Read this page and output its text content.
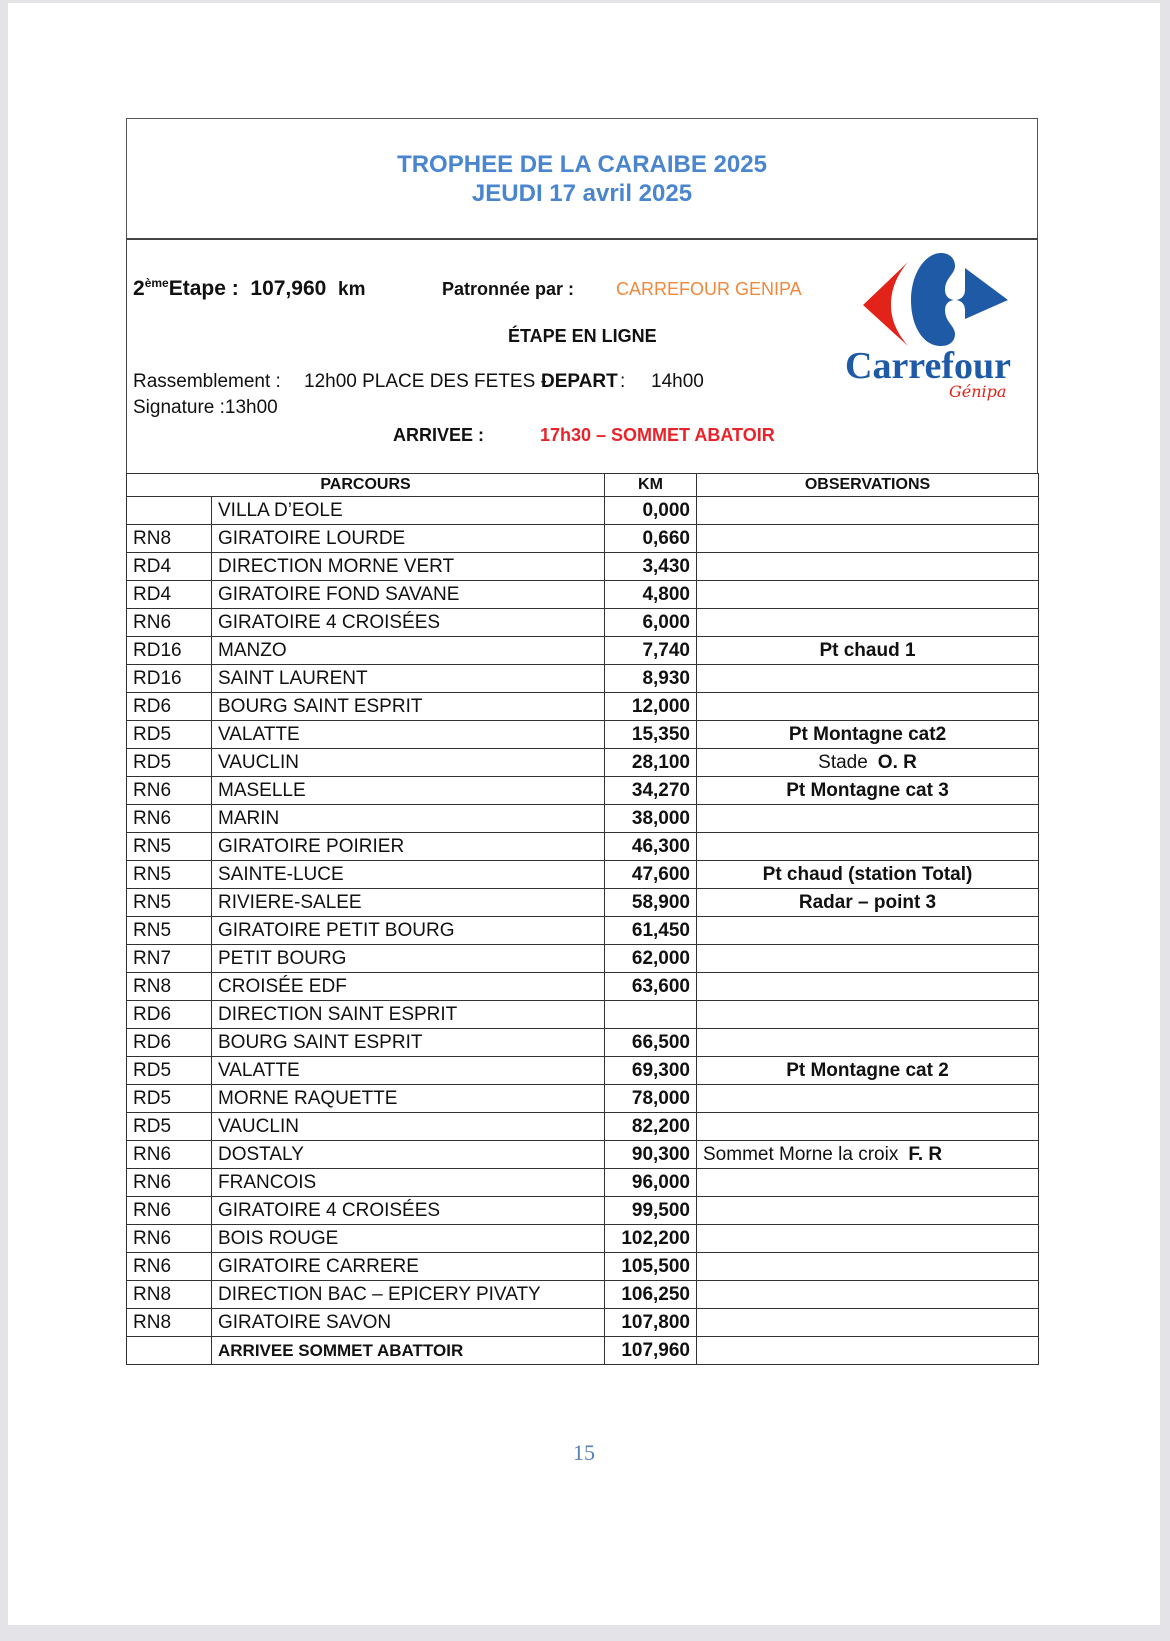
TROPHEE DE LA CARAIBE 2025
JEUDI 17 avril 2025
2èmeEtape : 107,960 km	Patronnée par : CARREFOUR GENIPA
ÉTAPE EN LIGNE
Rassemblement : 12h00 PLACE DES FETES -
DEPART : 14h00
Signature :13h00
ARRIVEE :	17h30 – SOMMET ABATOIR
Carrefour
Génipa
PARCOURS		KM	OBSERVATIONS
	VILLA D’EOLE	0,000	
RN8	GIRATOIRE LOURDE	0,660	
RD4	DIRECTION MORNE VERT	3,430	
RD4	GIRATOIRE FOND SAVANE	4,800	
RN6	GIRATOIRE 4 CROISÉES	6,000	
RD16	MANZO	7,740	Pt chaud 1
RD16	SAINT LAURENT	8,930	
RD6	BOURG SAINT ESPRIT	12,000	
RD5	VALATTE	15,350	Pt Montagne cat2
RD5	VAUCLIN	28,100	Stade O. R
RN6	MASELLE	34,270	Pt Montagne cat 3
RN6	MARIN	38,000	
RN5	GIRATOIRE POIRIER	46,300	
RN5	SAINTE-LUCE	47,600	Pt chaud (station Total)
RN5	RIVIERE-SALEE	58,900	Radar – point 3
RN5	GIRATOIRE PETIT BOURG	61,450	
RN7	PETIT BOURG	62,000	
RN8	CROISÉE EDF	63,600	
RD6	DIRECTION SAINT ESPRIT		
RD6	BOURG SAINT ESPRIT	66,500	
RD5	VALATTE	69,300	Pt Montagne cat 2
RD5	MORNE RAQUETTE	78,000	
RD5	VAUCLIN	82,200	
RN6	DOSTALY	90,300	Sommet Morne la croix F. R
RN6	FRANCOIS	96,000	
RN6	GIRATOIRE 4 CROISÉES	99,500	
RN6	BOIS ROUGE	102,200	
RN6	GIRATOIRE CARRERE	105,500	
RN8	DIRECTION BAC – EPICERY PIVATY	106,250	
RN8	GIRATOIRE SAVON	107,800	
	ARRIVEE SOMMET ABATTOIR	107,960	
15
